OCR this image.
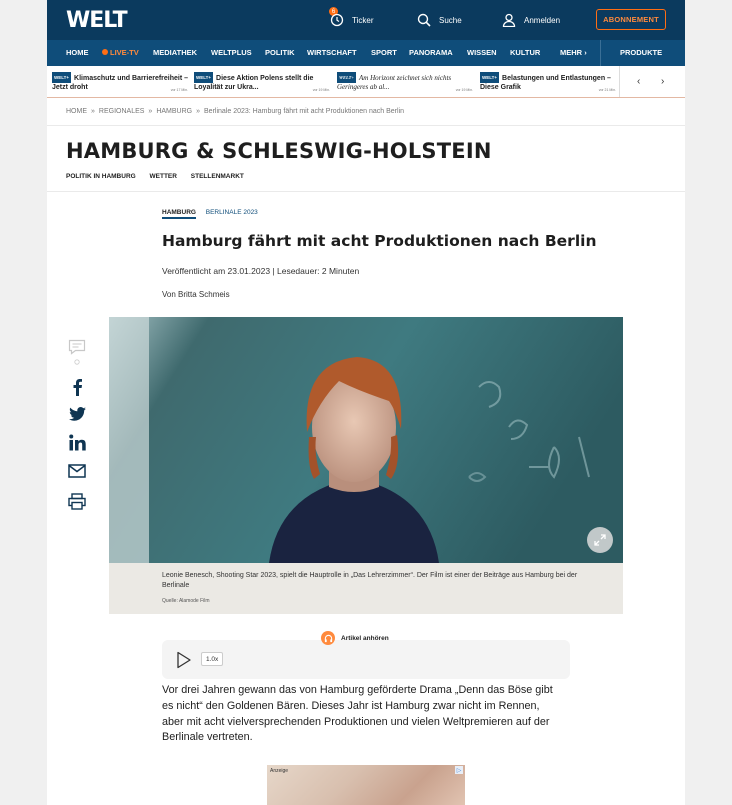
WELT	6
Ticker	Suche	Anmelden	ABONNEMENT
HOME	LIVE-TV MEDIATHEK WELTPLUS POLITIK WIRTSCHAFT SPORT PANORAMA WISSEN KULTUR	MEHR ›	PRODUKTE
WELT+ Klimaschutz und Barrierefreiheit – Jetzt droht	vor 17 Min.
WELT+ Diese Aktion Polens stellt die Loyalität zur Ukra...	vor 19 Min.
WELT+ Am Horizont zeichnet sich nichts Geringeres ab al...	vor 19 Min.
WELT+ Belastungen und Entlastungen – Diese Grafik	vor 21 Min.
‹ ›
HOME » REGIONALES » HAMBURG » Berlinale 2023: Hamburg fährt mit acht Produktionen nach Berlin
HAMBURG & SCHLESWIG-HOLSTEIN
POLITIK IN HAMBURG WETTER STELLENMARKT
HAMBURG BERLINALE 2023
Hamburg fährt mit acht Produktionen nach Berlin
Veröffentlicht am 23.01.2023 | Lesedauer: 2 Minuten
Von Britta Schmeis
Leonie Benesch, Shooting Star 2023, spielt die Hauptrolle in „Das Lehrerzimmer“. Der Film ist einer der Beiträge aus Hamburg bei der Berlinale
Quelle: Alamode Film
1.0x
Artikel anhören

Vor drei Jahren gewann das von Hamburg geförderte Drama „Denn das Böse gibt es nicht“ den Goldenen Bären. Dieses Jahr ist Hamburg zwar nicht im Rennen, aber mit acht vielversprechenden Produktionen und vielen Weltpremieren auf der Berlinale vertreten.

Anzeige	▷
